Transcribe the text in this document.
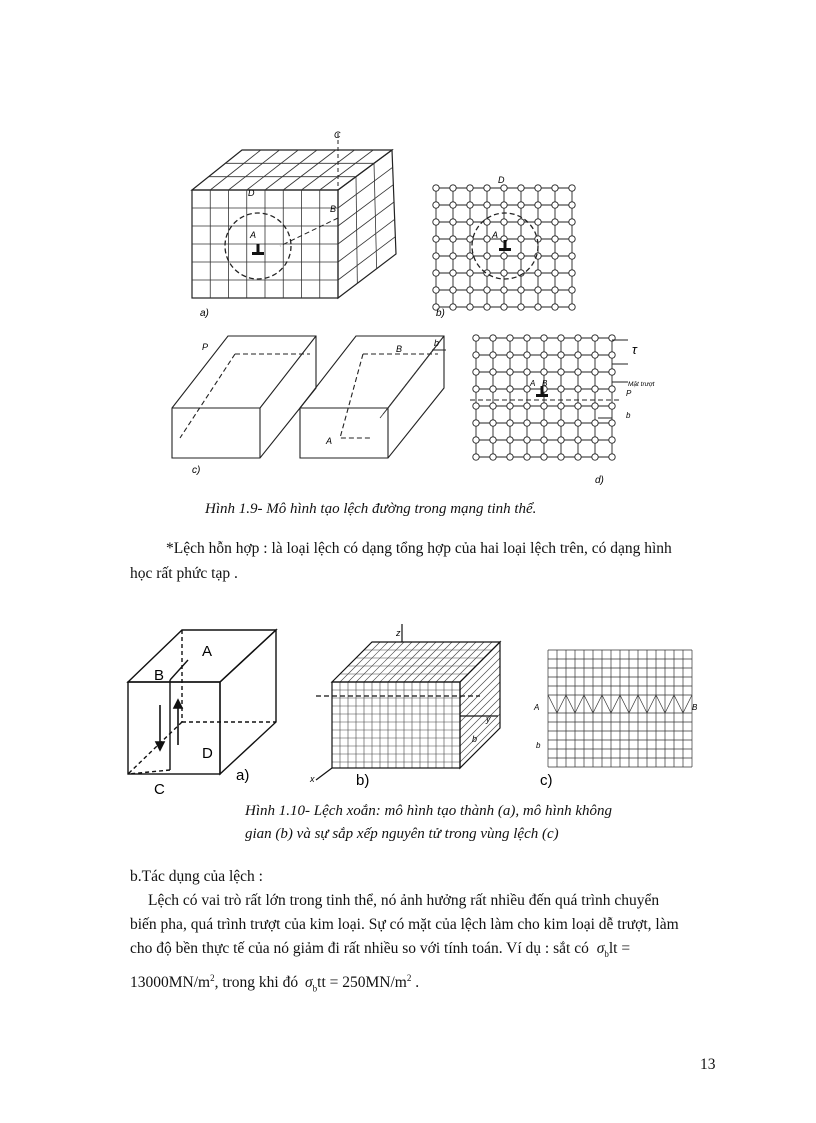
C
D
B
A
a)
D
A
b)
P	B
A
b
c)
A B
τ
Mặt trượt
P
b
d)
Hình 1.9- Mô hình tạo lệch đường trong mạng tinh thể.
*Lệch hỗn hợp : là loại lệch có dạng tổng hợp của hai loại lệch trên, có dạng hình
học rất phức tạp .
A
B
D
C
a)
z
x
y
b
b)
A	B
b
c)
Hình 1.10- Lệch xoắn: mô hình tạo thành (a), mô hình không
gian (b) và sự sắp xếp nguyên tử trong vùng lệch (c)
b.Tác dụng của lệch :
Lệch có vai trò rất lớn trong tinh thể, nó ảnh hưởng rất nhiều đến quá trình chuyển
biến pha, quá trình trượt của kim loại. Sự có mặt của lệch làm cho kim loại dễ trượt, làm
cho độ bền thực tế của nó giảm đi rất nhiều so với tính toán. Ví dụ : sắt có $\sigma_blt$ =
$13000MN/m^2$, trong khi đó $\sigma_btt = 250MN/m^2$ .
13
